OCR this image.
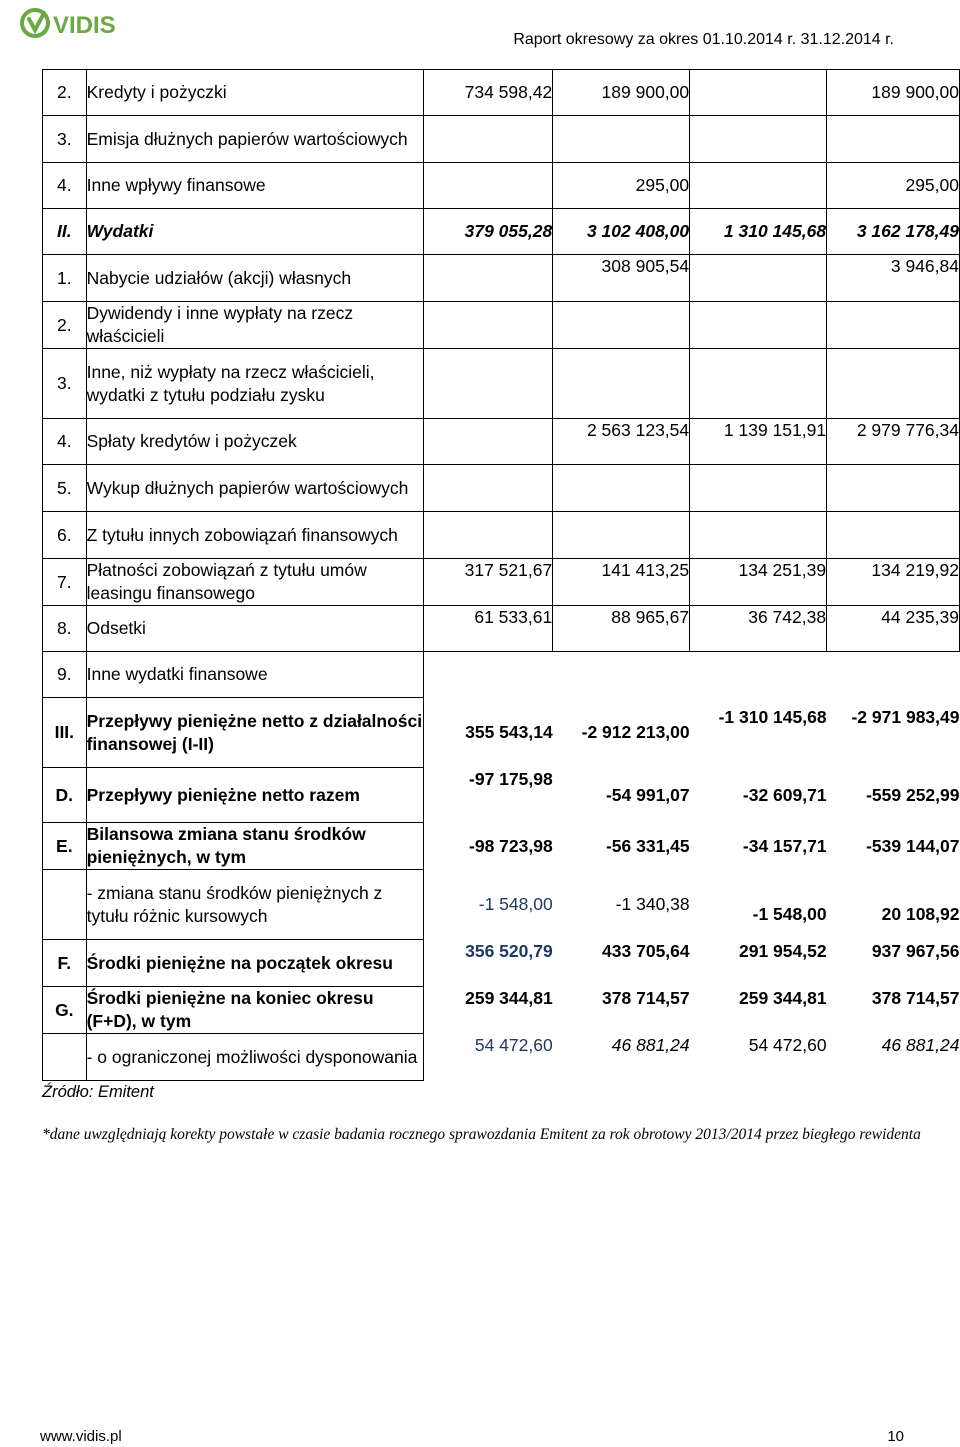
VIDIS
Raport okresowy za okres 01.10.2014 r. 31.12.2014 r.
2.	Kredyty i pożyczki	734 598,42	189 900,00		189 900,00
3.	Emisja dłużnych papierów wartościowych				
4.	Inne wpływy finansowe		295,00		295,00
II.	Wydatki	379 055,28	3 102 408,00	1 310 145,68	3 162 178,49
1.	Nabycie udziałów (akcji) własnych		308 905,54		3 946,84
2.	Dywidendy i inne wypłaty na rzecz właścicieli				
3.	Inne, niż wypłaty na rzecz właścicieli, wydatki z tytułu podziału zysku				
4.	Spłaty kredytów i pożyczek		2 563 123,54	1 139 151,91	2 979 776,34
5.	Wykup dłużnych papierów wartościowych				
6.	Z tytułu innych zobowiązań finansowych				
7.	Płatności zobowiązań z tytułu umów leasingu finansowego	317 521,67	141 413,25	134 251,39	134 219,92
8.	Odsetki	61 533,61	88 965,67	36 742,38	44 235,39
9.	Inne wydatki finansowe				
III.	Przepływy pieniężne netto z działalności finansowej (I-II)	355 543,14	-2 912 213,00	-1 310 145,68	-2 971 983,49
D.	Przepływy pieniężne netto razem	-97 175,98	-54 991,07	-32 609,71	-559 252,99
E.	Bilansowa zmiana stanu środków pieniężnych, w tym	-98 723,98	-56 331,45	-34 157,71	-539 144,07
	- zmiana stanu środków pieniężnych z tytułu różnic kursowych	-1 548,00	-1 340,38	-1 548,00	20 108,92
F.	Środki pieniężne na początek okresu	356 520,79	433 705,64	291 954,52	937 967,56
G.	Środki pieniężne na koniec okresu (F+D), w tym	259 344,81	378 714,57	259 344,81	378 714,57
	- o ograniczonej możliwości dysponowania	54 472,60	46 881,24	54 472,60	46 881,24
Źródło: Emitent
*dane uwzględniają korekty powstałe w czasie badania rocznego sprawozdania Emitent za rok obrotowy 2013/2014 przez biegłego rewidenta
www.vidis.pl	10
